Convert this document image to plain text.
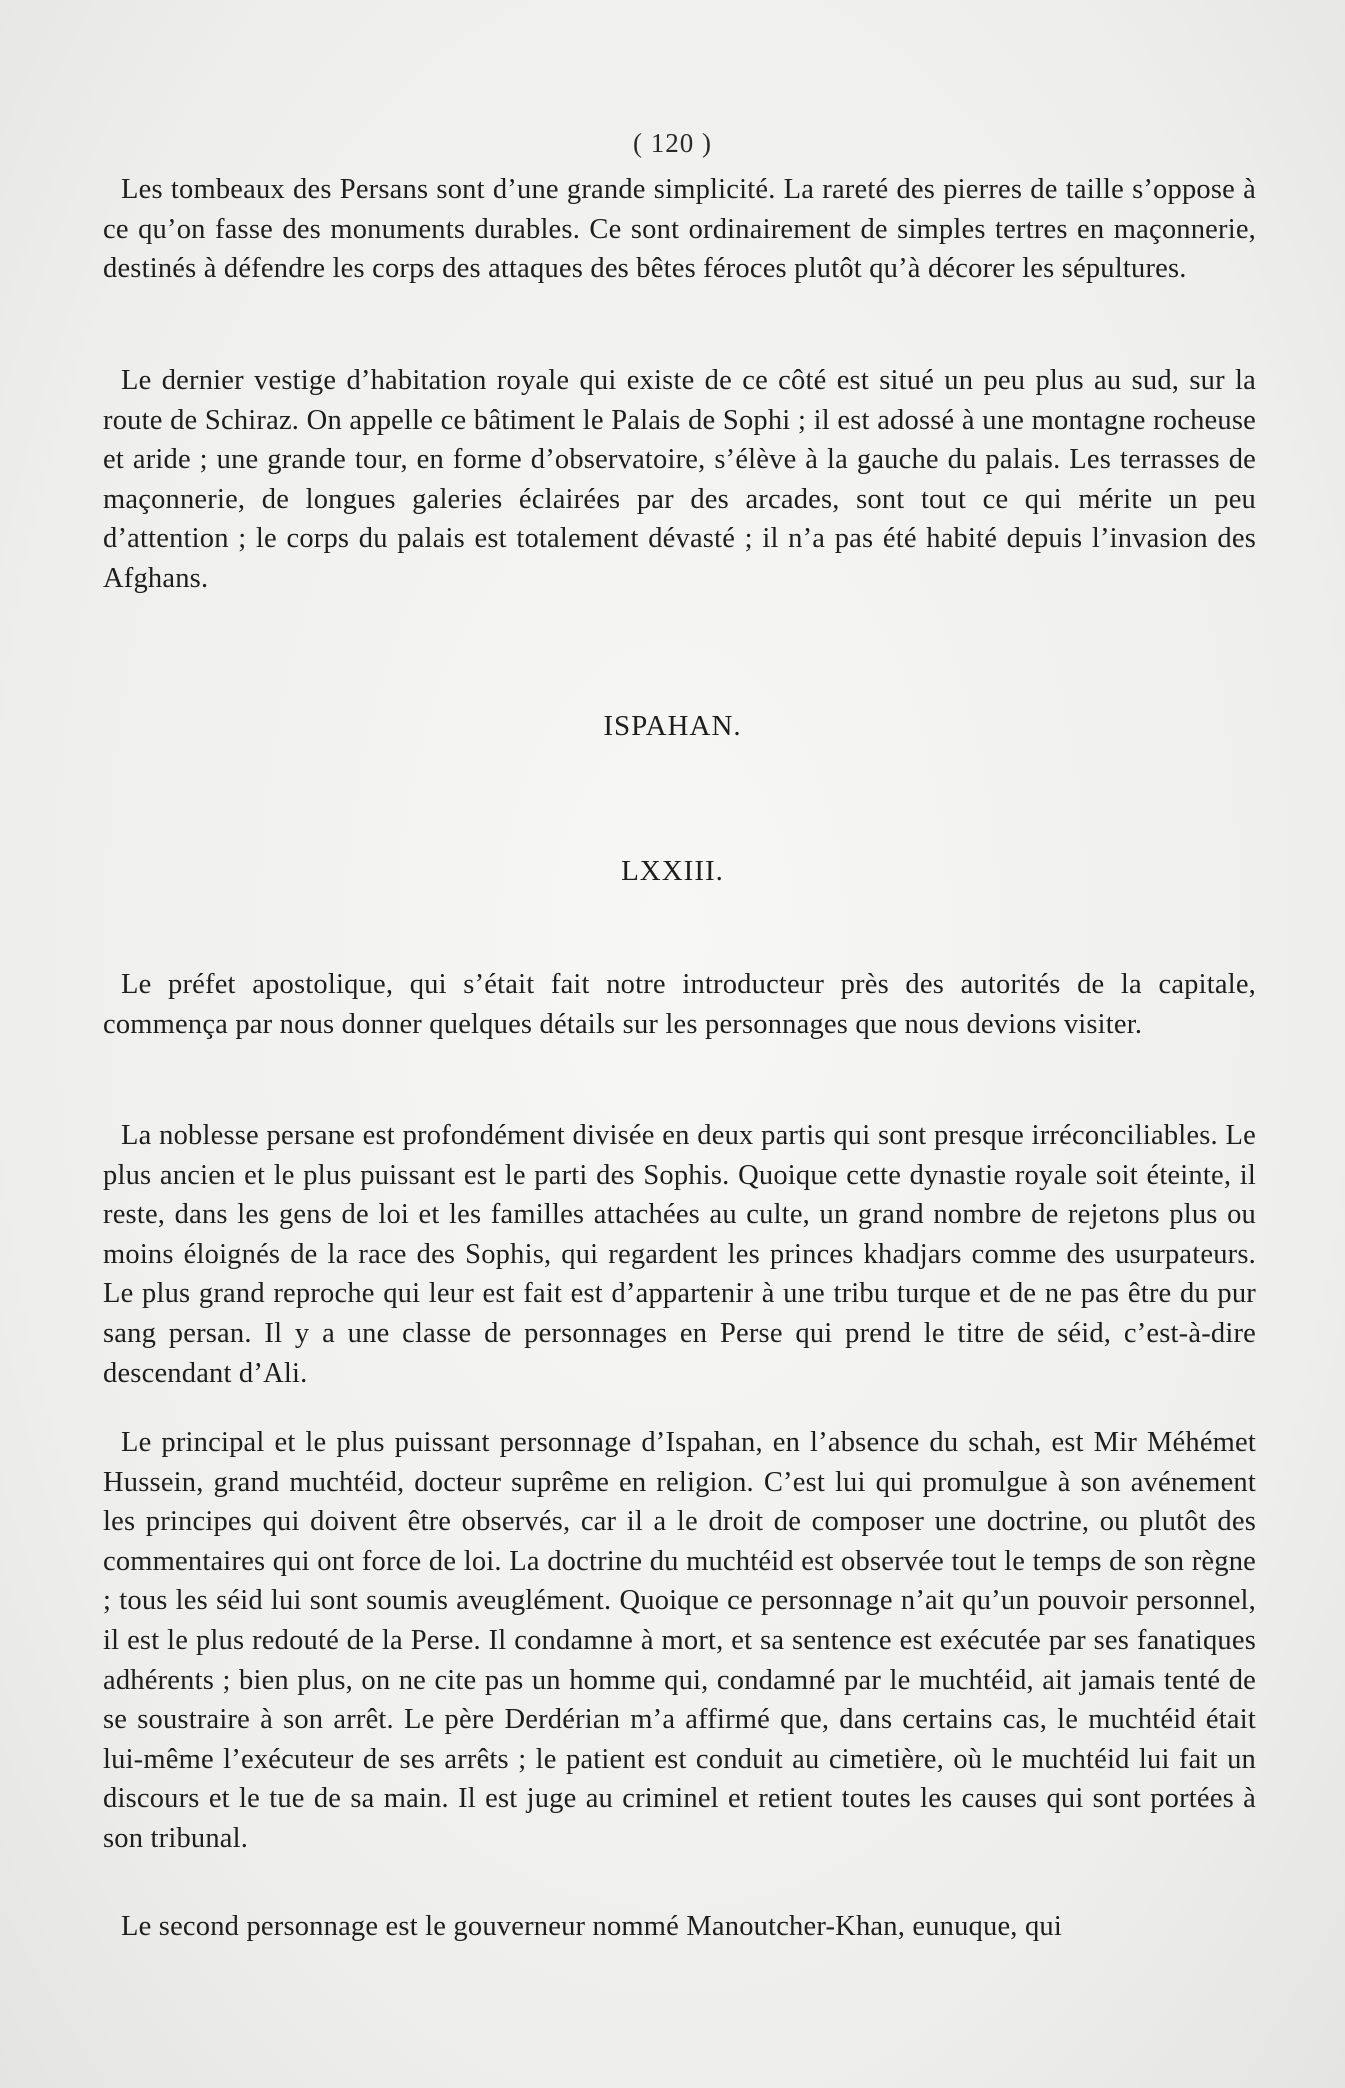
( 120 )

Les tombeaux des Persans sont d’une grande simplicité. La rareté des pierres de taille s’oppose à ce qu’on fasse des monuments durables. Ce sont ordinairement de simples tertres en maçonnerie, destinés à défendre les corps des attaques des bêtes féroces plutôt qu’à décorer les sépultures.

Le dernier vestige d’habitation royale qui existe de ce côté est situé un peu plus au sud, sur la route de Schiraz. On appelle ce bâtiment le Palais de Sophi ; il est adossé à une montagne rocheuse et aride ; une grande tour, en forme d’observatoire, s’élève à la gauche du palais. Les terrasses de maçonnerie, de longues galeries éclairées par des arcades, sont tout ce qui mérite un peu d’attention ; le corps du palais est totalement dévasté ; il n’a pas été habité depuis l’invasion des Afghans.

ISPAHAN.
LXXIII.

Le préfet apostolique, qui s’était fait notre introducteur près des autorités de la capitale, commença par nous donner quelques détails sur les personnages que nous devions visiter.

La noblesse persane est profondément divisée en deux partis qui sont presque irréconciliables. Le plus ancien et le plus puissant est le parti des Sophis. Quoique cette dynastie royale soit éteinte, il reste, dans les gens de loi et les familles attachées au culte, un grand nombre de rejetons plus ou moins éloignés de la race des Sophis, qui regardent les princes khadjars comme des usurpateurs. Le plus grand reproche qui leur est fait est d’appartenir à une tribu turque et de ne pas être du pur sang persan. Il y a une classe de personnages en Perse qui prend le titre de séid, c’est-à-dire descendant d’Ali.

Le principal et le plus puissant personnage d’Ispahan, en l’absence du schah, est Mir Méhémet Hussein, grand muchtéid, docteur suprême en religion. C’est lui qui promulgue à son avénement les principes qui doivent être observés, car il a le droit de composer une doctrine, ou plutôt des commentaires qui ont force de loi. La doctrine du muchtéid est observée tout le temps de son règne ; tous les séid lui sont soumis aveuglément. Quoique ce personnage n’ait qu’un pouvoir personnel, il est le plus redouté de la Perse. Il condamne à mort, et sa sentence est exécutée par ses fanatiques adhérents ; bien plus, on ne cite pas un homme qui, condamné par le muchtéid, ait jamais tenté de se soustraire à son arrêt. Le père Derdérian m’a affirmé que, dans certains cas, le muchtéid était lui-même l’exécuteur de ses arrêts ; le patient est conduit au cimetière, où le muchtéid lui fait un discours et le tue de sa main. Il est juge au criminel et retient toutes les causes qui sont portées à son tribunal.

Le second personnage est le gouverneur nommé Manoutcher-Khan, eunuque, qui
